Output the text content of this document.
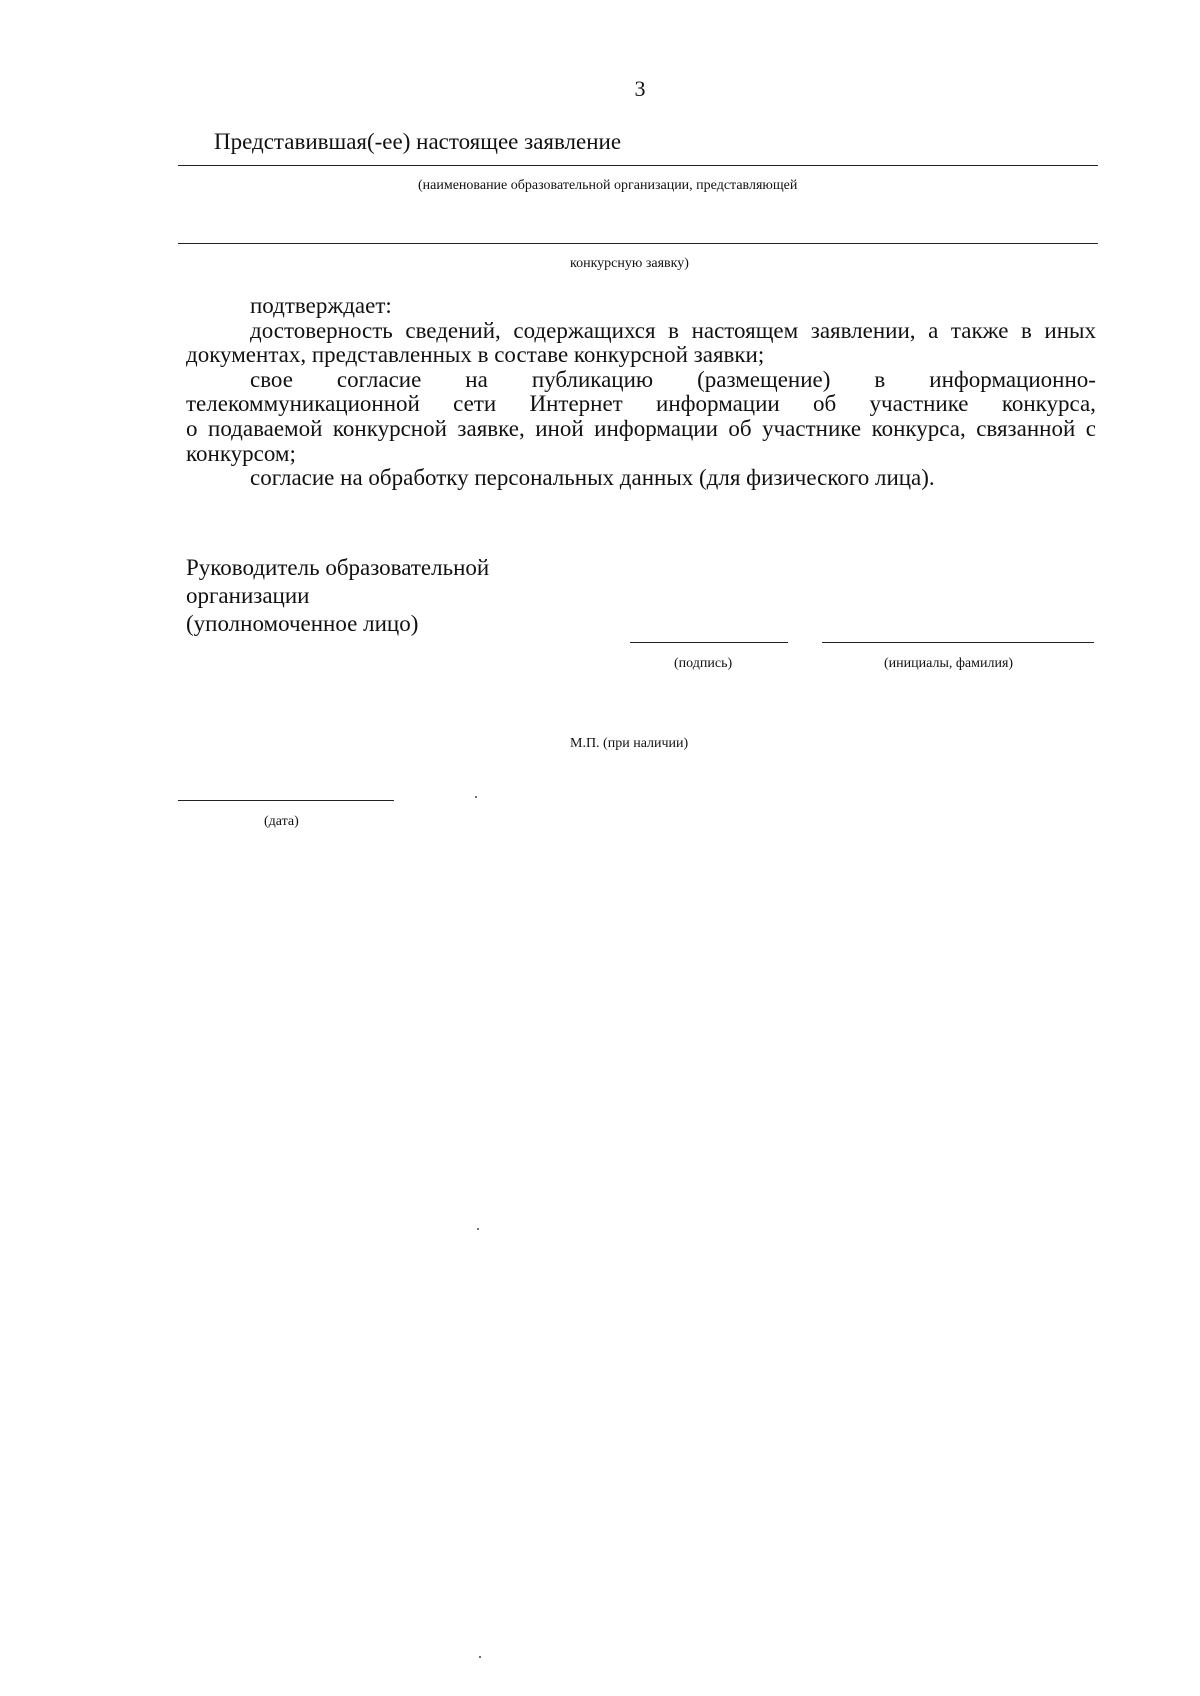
3
Представившая(-ее) настоящее заявление
(наименование образовательной организации, представляющей
конкурсную заявку)

подтверждает:

достоверность сведений, содержащихся в настоящем заявлении, а также в иных документах, представленных в составе конкурсной заявки;

свое согласие на публикацию (размещение) в информационно-
телекоммуникационной сети Интернет информации об участнике конкурса,

о подаваемой конкурсной заявке, иной информации об участнике конкурса, связанной с конкурсом;

согласие на обработку персональных данных (для физического лица).

Руководитель образовательной
организации
(уполномоченное лицо)
(подпись)	(инициалы, фамилия)
М.П. (при наличии)
(дата)
